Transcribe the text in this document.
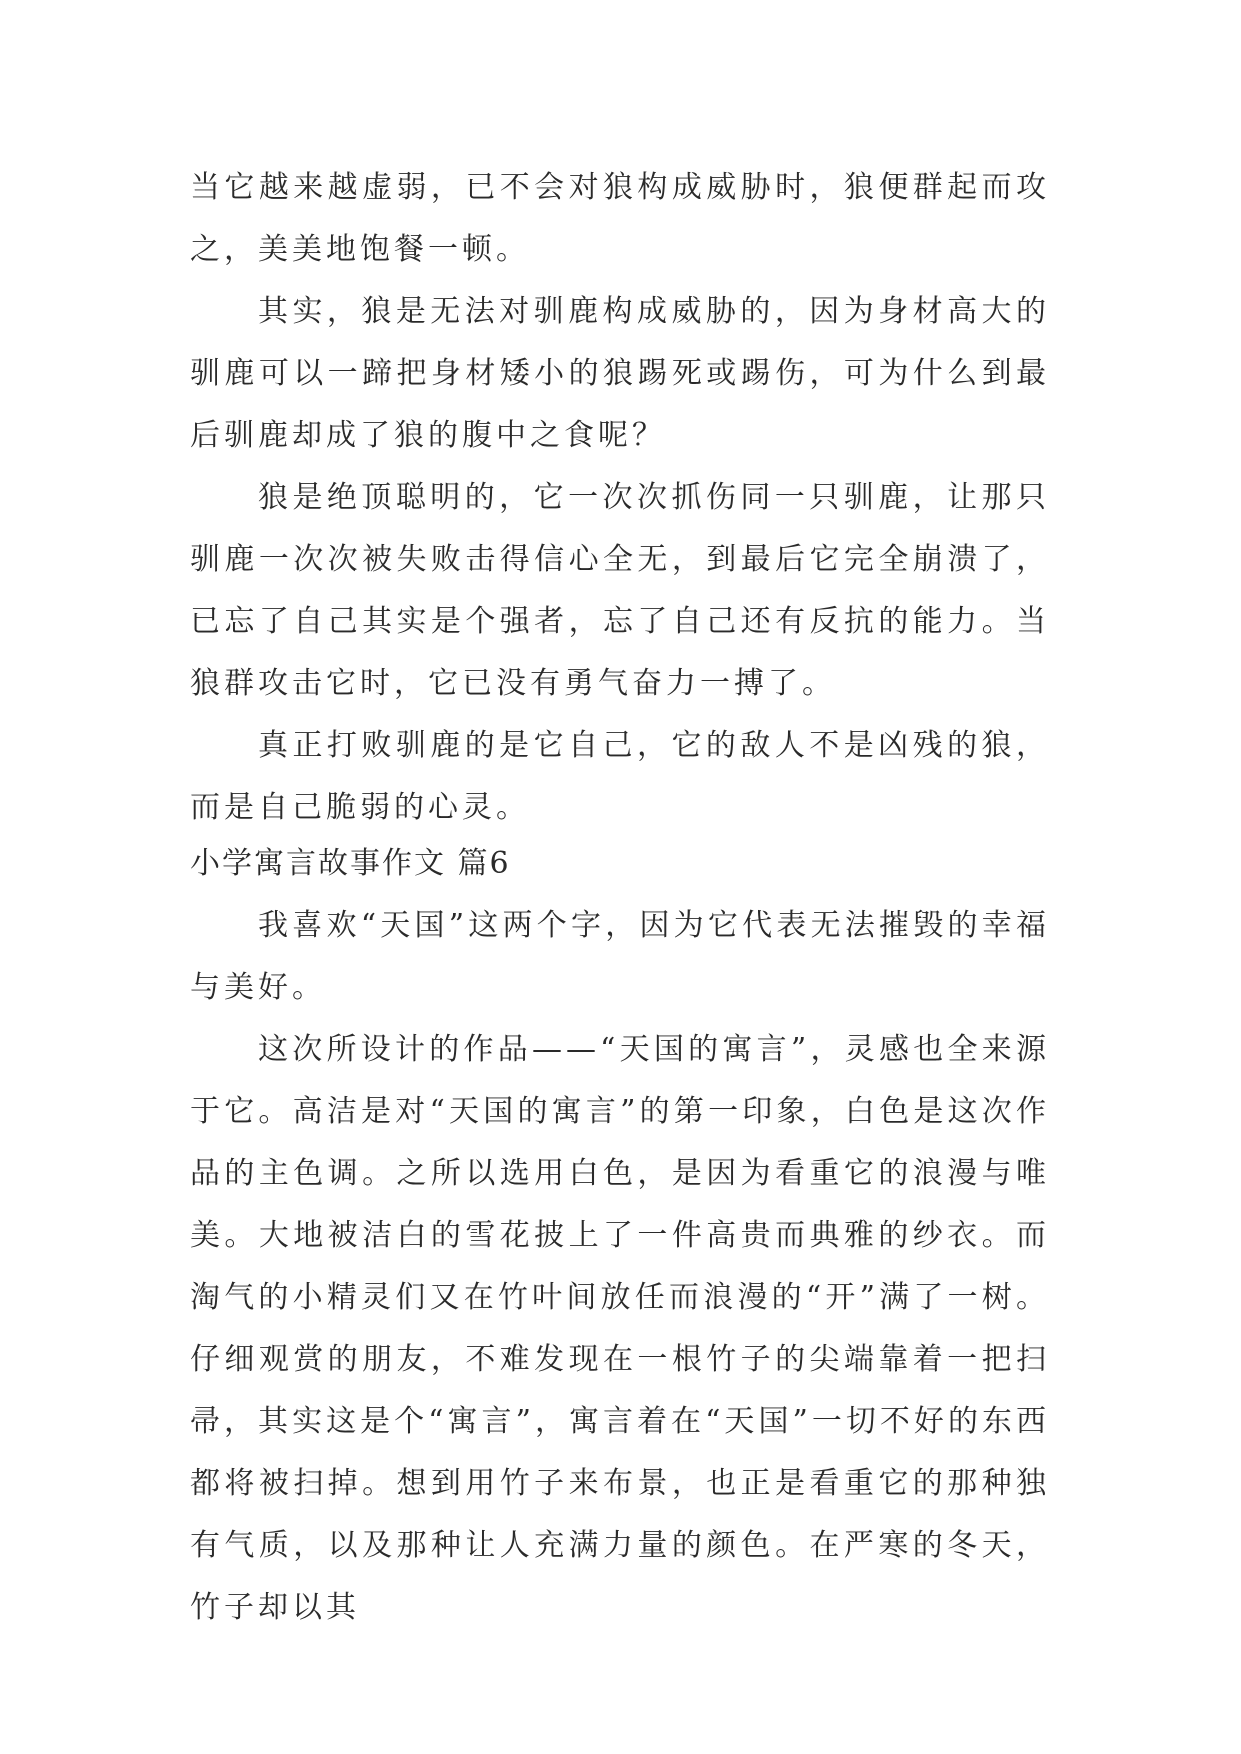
当它越来越虚弱，已不会对狼构成威胁时，狼便群起而攻之，美美地饱餐一顿。

其实，狼是无法对驯鹿构成威胁的，因为身材高大的驯鹿可以一蹄把身材矮小的狼踢死或踢伤，可为什么到最后驯鹿却成了狼的腹中之食呢？

狼是绝顶聪明的，它一次次抓伤同一只驯鹿，让那只驯鹿一次次被失败击得信心全无，到最后它完全崩溃了，已忘了自己其实是个强者，忘了自己还有反抗的能力。当狼群攻击它时，它已没有勇气奋力一搏了。

真正打败驯鹿的是它自己，它的敌人不是凶残的狼，而是自己脆弱的心灵。

小学寓言故事作文 篇6

我喜欢“天国”这两个字，因为它代表无法摧毁的幸福与美好。

这次所设计的作品——“天国的寓言”，灵感也全来源于它。高洁是对“天国的寓言”的第一印象，白色是这次作品的主色调。之所以选用白色，是因为看重它的浪漫与唯美。大地被洁白的雪花披上了一件高贵而典雅的纱衣。而淘气的小精灵们又在竹叶间放任而浪漫的“开”满了一树。仔细观赏的朋友，不难发现在一根竹子的尖端靠着一把扫帚，其实这是个“寓言”，寓言着在“天国”一切不好的东西都将被扫掉。想到用竹子来布景，也正是看重它的那种独有气质，以及那种让人充满力量的颜色。在严寒的冬天，竹子却以其
